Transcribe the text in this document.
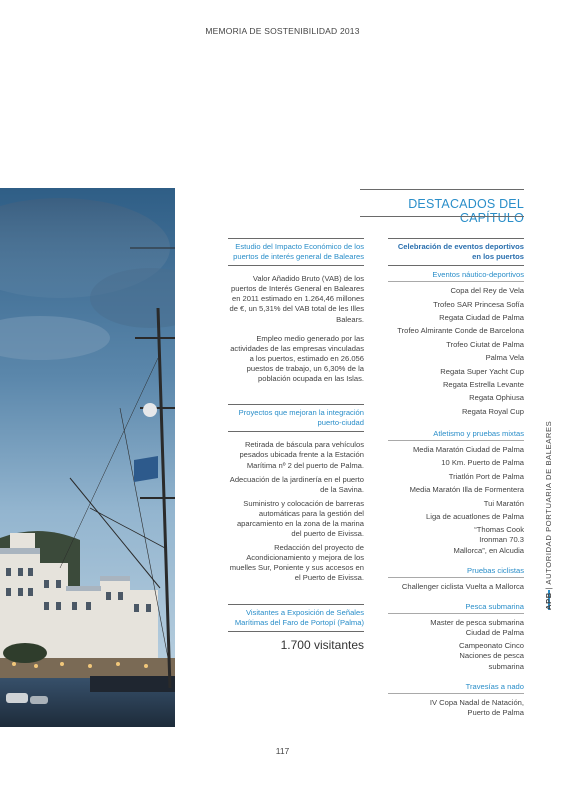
MEMORIA DE SOSTENIBILIDAD 2013
DESTACADOS DEL CAPÍTULO
Estudio del Impacto Económico de los puertos de interés general de Baleares
Valor Añadido Bruto (VAB) de los puertos de Interés General en Baleares en 2011 estimado en 1.264,46 millones de €, un 5,31% del VAB total de les Illes Balears.
Empleo medio generado por las actividades de las empresas vinculadas a los puertos, estimado en 26.056 puestos de trabajo, un 6,30% de la población ocupada en las Islas.
Proyectos que mejoran la integración puerto-ciudad
Retirada de báscula para vehículos pesados ubicada frente a la Estación Marítima nº 2 del puerto de Palma.
Adecuación de la jardinería en el puerto de la Savina.
Suministro y colocación de barreras automáticas para la gestión del aparcamiento en la zona de la marina del puerto de Eivissa.
Redacción del proyecto de Acondicionamiento y mejora de los muelles Sur, Poniente y sus accesos en el Puerto de Eivissa.
Visitantes a Exposición de Señales Marítimas del Faro de Portopí (Palma)
1.700 visitantes
Celebración de eventos deportivos en los puertos
Eventos náutico-deportivos
Copa del Rey de Vela
Trofeo SAR Princesa Sofía
Regata Ciudad de Palma
Trofeo Almirante Conde de Barcelona
Trofeo Ciutat de Palma
Palma Vela
Regata Super Yacht Cup
Regata Estrella Levante
Regata Ophiusa
Regata Royal Cup
Atletismo y pruebas mixtas
Media Maratón Ciudad de Palma
10 Km. Puerto de Palma
Triatlón Port de Palma
Media Maratón Illa de Formentera
Tui Maratón
Liga de acuatlones de Palma
“Thomas Cook Ironman 70.3 Mallorca”, en Alcudia
Pruebas ciclistas
Challenger ciclista Vuelta a Mallorca
Pesca submarina
Master de pesca submarina Ciudad de Palma
Campeonato Cinco Naciones de pesca submarina
Travesías a nado
IV Copa Nadal de Natación, Puerto de Palma
APB | AUTORIDAD PORTUARIA DE BALEARES
117
